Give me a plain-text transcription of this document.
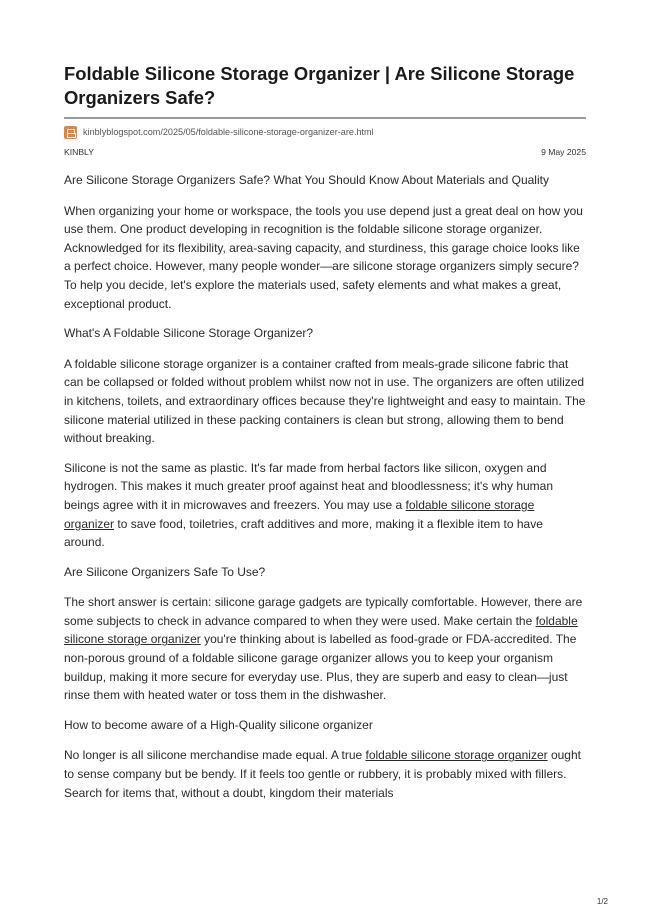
Foldable Silicone Storage Organizer | Are Silicone Storage Organizers Safe?
kinblyblogspot.com/2025/05/foldable-silicone-storage-organizer-are.html
KINBLY	9 May 2025

Are Silicone Storage Organizers Safe? What You Should Know About Materials and Quality

When organizing your home or workspace, the tools you use depend just a great deal on how you use them. One product developing in recognition is the foldable silicone storage organizer. Acknowledged for its flexibility, area-saving capacity, and sturdiness, this garage choice looks like a perfect choice. However, many people wonder—are silicone storage organizers simply secure? To help you decide, let's explore the materials used, safety elements and what makes a great, exceptional product.

What's A Foldable Silicone Storage Organizer?

A foldable silicone storage organizer is a container crafted from meals-grade silicone fabric that can be collapsed or folded without problem whilst now not in use. The organizers are often utilized in kitchens, toilets, and extraordinary offices because they're lightweight and easy to maintain. The silicone material utilized in these packing containers is clean but strong, allowing them to bend without breaking.

Silicone is not the same as plastic. It's far made from herbal factors like silicon, oxygen and hydrogen. This makes it much greater proof against heat and bloodlessness; it's why human beings agree with it in microwaves and freezers. You may use a foldable silicone storage organizer to save food, toiletries, craft additives and more, making it a flexible item to have around.

Are Silicone Organizers Safe To Use?

The short answer is certain: silicone garage gadgets are typically comfortable. However, there are some subjects to check in advance compared to when they were used. Make certain the foldable silicone storage organizer you're thinking about is labelled as food-grade or FDA-accredited. The non-porous ground of a foldable silicone garage organizer allows you to keep your organism buildup, making it more secure for everyday use. Plus, they are superb and easy to clean—just rinse them with heated water or toss them in the dishwasher.

How to become aware of a High-Quality silicone organizer

No longer is all silicone merchandise made equal. A true foldable silicone storage organizer ought to sense company but be bendy. If it feels too gentle or rubbery, it is probably mixed with fillers. Search for items that, without a doubt, kingdom their materials

1/2
